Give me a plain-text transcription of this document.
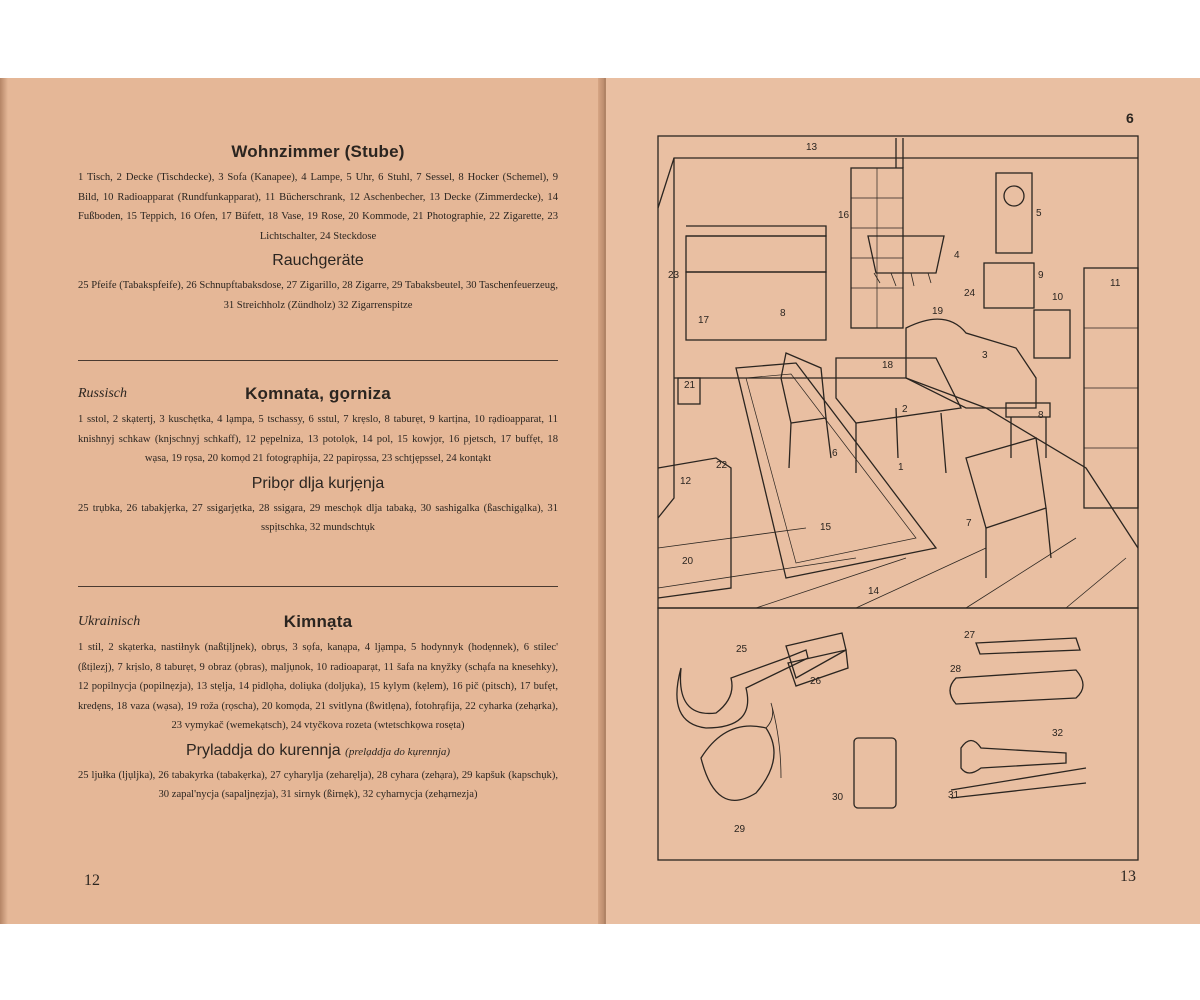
Wohnzimmer (Stube)

1 Tisch, 2 Decke (Tischdecke), 3 Sofa (Kanapee), 4 Lampe, 5 Uhr, 6 Stuhl, 7 Sessel, 8 Hocker (Schemel), 9 Bild, 10 Radioapparat (Rundfunkapparat), 11 Bücherschrank, 12 Aschenbecher, 13 Decke (Zimmerdecke), 14 Fußboden, 15 Teppich, 16 Ofen, 17 Büfett, 18 Vase, 19 Rose, 20 Kommode, 21 Photographie, 22 Zigarette, 23 Lichtschalter, 24 Steckdose

Rauchgeräte

25 Pfeife (Tabakspfeife), 26 Schnupftabaksdose, 27 Zigarillo, 28 Zigarre, 29 Tabaksbeutel, 30 Taschenfeuerzeug, 31 Streichholz (Zündholz) 32 Zigarrenspitze

Russisch	Kọmnata, gọrniza

1 sstol, 2 skạtertj, 3 kuschẹtka, 4 lạmpa, 5 tschassy, 6 sstul, 7 krẹslo, 8 taburẹt, 9 kartịna, 10 rạdioapparat, 11 knishnyj schkaw (knjschnyj schkaff), 12 pẹpelniza, 13 potolọk, 14 pol, 15 kowjọr, 16 pjetsch, 17 buffẹt, 18 wạsa, 19 rọsa, 20 komọd 21 fotogrạphija, 22 papirọssa, 23 schtjẹpssel, 24 kontạkt

Pribọr dlja kurjẹnja

25 trụbka, 26 tabakjẹrka, 27 ssigarjẹtka, 28 ssigạra, 29 meschọk dlja tabakạ, 30 sashigalka (ßaschigạlka), 31 sspịtschka, 32 mundschtụk

Ukrainisch	Kimnạta

1 stil, 2 skạterka, nastiłnyk (naßtịljnek), obrụs, 3 sọfa, kanạpa, 4 ljạmpa, 5 hodynnyk (hodẹnnek), 6 stilec' (ßtịlezj), 7 krịslo, 8 taburẹt, 9 obraz (ọbras), maljụnok, 10 radioaparạt, 11 šafa na knyžky (schạfa na knesehky), 12 popilnycja (popilnẹzja), 13 stẹlja, 14 pidlọha, doliụka (doljụka), 15 kylym (kẹlem), 16 pič (pitsch), 17 bufẹt, kredẹns, 18 vaza (wạsa), 19 roža (rọscha), 20 komọda, 21 svitlyna (ßwitlẹna), fotohrạfija, 22 cyharka (zehạrka), 23 vymykač (wemekạtsch), 24 vtyčkova rozeta (wtetschkọwa rosẹta)

Pryladdja do kurennja (prelạddja do kụrennja)

25 ljułka (ljụljka), 26 tabakyrka (tabakẹrka), 27 cyharylja (zeharẹlja), 28 cyhara (zehạra), 29 kapšuk (kapschụk), 30 zapal'nycja (sapaljnẹzja), 31 sirnyk (ßirnẹk), 32 cyharnycja (zehạrnezja)

12
6
13
16	5
23
4
9
24	10
11
17
8	19
3
21
18
2
8
6
1
12
22
7
15
20
14
25
26
27
28
32
29
30	31
13
